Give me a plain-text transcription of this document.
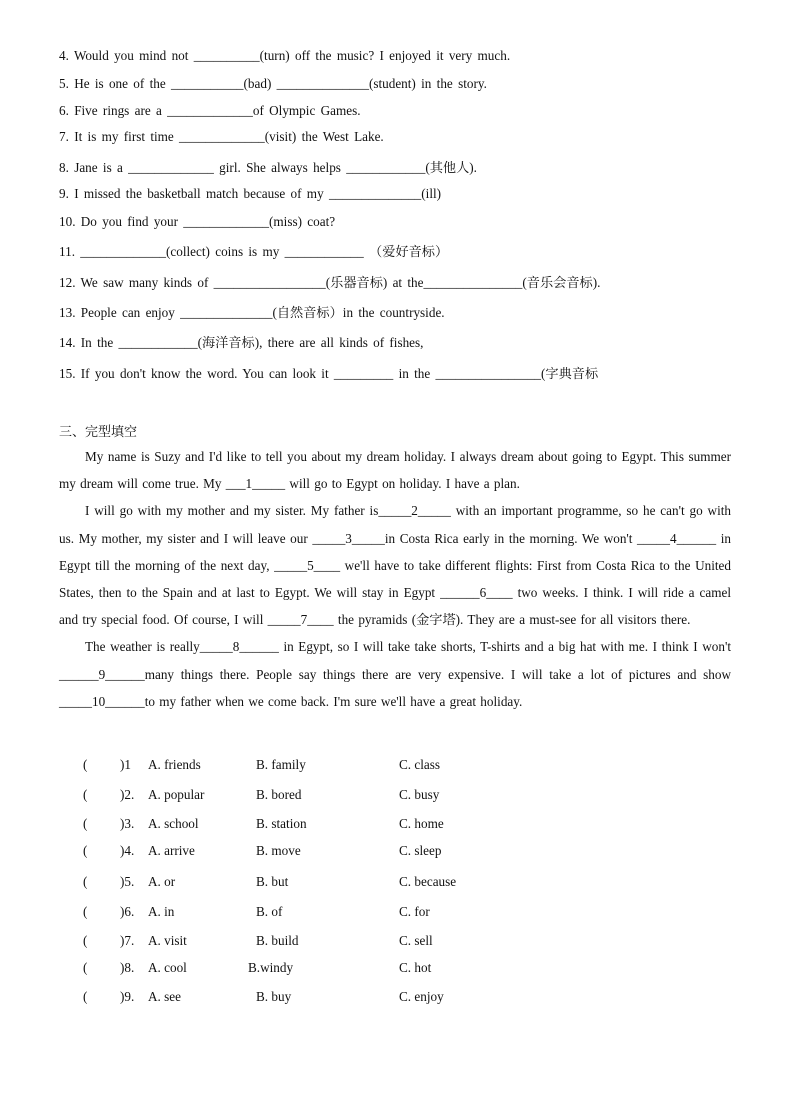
4. Would you mind not __________(turn) off the music? I enjoyed it very much.
5. He is one of the ___________(bad) ______________(student) in the story.
6. Five rings are a _____________of Olympic Games.
7. It is my first time _____________(visit) the West Lake.
8. Jane is a _____________ girl. She always helps ____________(其他人).
9. I missed the basketball match because of my ______________(ill)
10. Do you find your _____________(miss) coat?
11. _____________(collect) coins is my ____________ （爱好音标）
12. We saw many kinds of _________________(乐器音标) at the_______________(音乐会音标).
13. People can enjoy ______________(自然音标）in the countryside.
14. In the ____________(海洋音标), there are all kinds of fishes,
15. If you don't know the word. You can look it _________ in the ________________(字典音标
三、完型填空

My name is Suzy and I'd like to tell you about my dream holiday. I always dream about going to Egypt. This summer my dream will come true. My ___1_____ will go to Egypt on holiday. I have a plan.

I will go with my mother and my sister. My father is_____2_____ with an important programme, so he can't go with us. My mother, my sister and I will leave our _____3_____in Costa Rica early in the morning. We won't _____4______ in Egypt till the morning of the next day, _____5____ we'll have to take different flights: First from Costa Rica to the United States, then to the Spain and at last to Egypt. We will stay in Egypt ______6____ two weeks. I think. I will ride a camel and try special food. Of course, I will _____7____ the pyramids (金字塔). They are a must-see for all visitors there.

The weather is really_____8______ in Egypt, so I will take take shorts, T-shirts and a big hat with me. I think I won't ______9______many things there. People say things there are very expensive. I will take a lot of pictures and show _____10______to my father when we come back. I'm sure we'll have a great holiday.

( )1 A. friends	B. family	C. class
( )2. A. popular	B. bored	C. busy
( )3. A. school	B. station	C. home
( )4. A. arrive	B. move	C. sleep
( )5. A. or	B. but	C. because
( )6. A. in	B. of	C. for
( )7. A. visit	B. build	C. sell
( )8. A. cool	B.windy	C. hot
( )9. A. see	B. buy	C. enjoy
